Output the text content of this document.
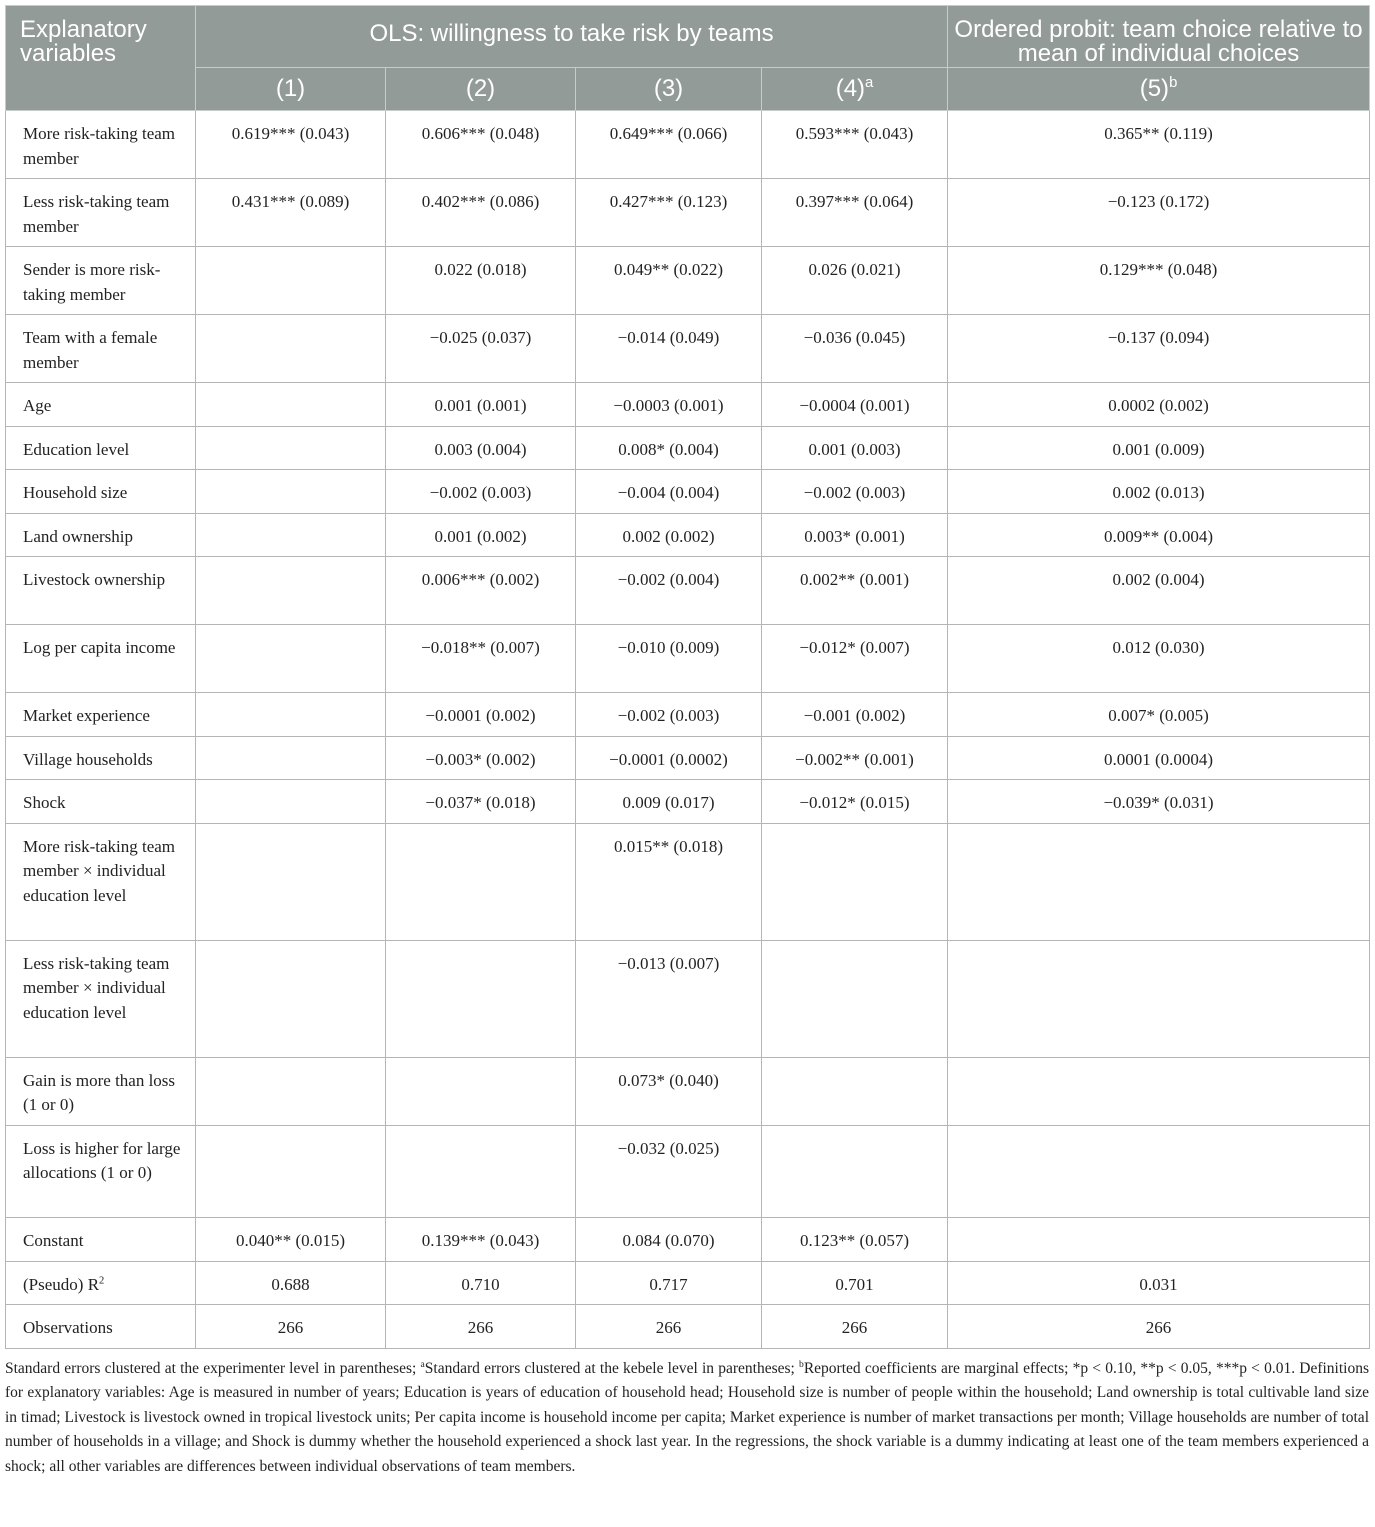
Explanatory variables	OLS: willingness to take risk by teams				Ordered probit: team choice relative to mean of individual choices
	(1)	(2)	(3)	$(4)^a$	$(5)^b$
More risk-taking team member	0.619*** (0.043)	0.606*** (0.048)	0.649*** (0.066)	0.593*** (0.043)	0.365** (0.119)
Less risk-taking team member	0.431*** (0.089)	0.402*** (0.086)	0.427*** (0.123)	0.397*** (0.064)	−0.123 (0.172)
Sender is more risk-taking member		0.022 (0.018)	0.049** (0.022)	0.026 (0.021)	0.129*** (0.048)
Team with a female member		−0.025 (0.037)	−0.014 (0.049)	−0.036 (0.045)	−0.137 (0.094)
Age		0.001 (0.001)	−0.0003 (0.001)	−0.0004 (0.001)	0.0002 (0.002)
Education level		0.003 (0.004)	0.008* (0.004)	0.001 (0.003)	0.001 (0.009)
Household size		−0.002 (0.003)	−0.004 (0.004)	−0.002 (0.003)	0.002 (0.013)
Land ownership		0.001 (0.002)	0.002 (0.002)	0.003* (0.001)	0.009** (0.004)
Livestock ownership		0.006*** (0.002)	−0.002 (0.004)	0.002** (0.001)	0.002 (0.004)
Log per capita income		−0.018** (0.007)	−0.010 (0.009)	−0.012* (0.007)	0.012 (0.030)
Market experience		−0.0001 (0.002)	−0.002 (0.003)	−0.001 (0.002)	0.007* (0.005)
Village households		−0.003* (0.002)	−0.0001 (0.0002)	−0.002** (0.001)	0.0001 (0.0004)
Shock		−0.037* (0.018)	0.009 (0.017)	−0.012* (0.015)	−0.039* (0.031)
More risk-taking team member × individual education level			0.015** (0.018)		
Less risk-taking team member × individual education level			−0.013 (0.007)		
Gain is more than loss (1 or 0)			0.073* (0.040)		
Loss is higher for large allocations (1 or 0)			−0.032 (0.025)		
Constant	0.040** (0.015)	0.139*** (0.043)	0.084 (0.070)	0.123** (0.057)	
(Pseudo) $R^2$	0.688	0.710	0.717	0.701	0.031
Observations	266	266	266	266	266
Standard errors clustered at the experimenter level in parentheses; $^a$Standard errors clustered at the kebele level in parentheses; $^b$Reported coefficients are marginal effects; *p < 0.10, **p < 0.05, ***p < 0.01. Definitions for explanatory variables: Age is measured in number of years; Education is years of education of household head; Household size is number of people within the household; Land ownership is total cultivable land size in timad; Livestock is livestock owned in tropical livestock units; Per capita income is household income per capita; Market experience is number of market transactions per month; Village households are number of total number of households in a village; and Shock is dummy whether the household experienced a shock last year. In the regressions, the shock variable is a dummy indicating at least one of the team members experienced a shock; all other variables are differences between individual observations of team members.
